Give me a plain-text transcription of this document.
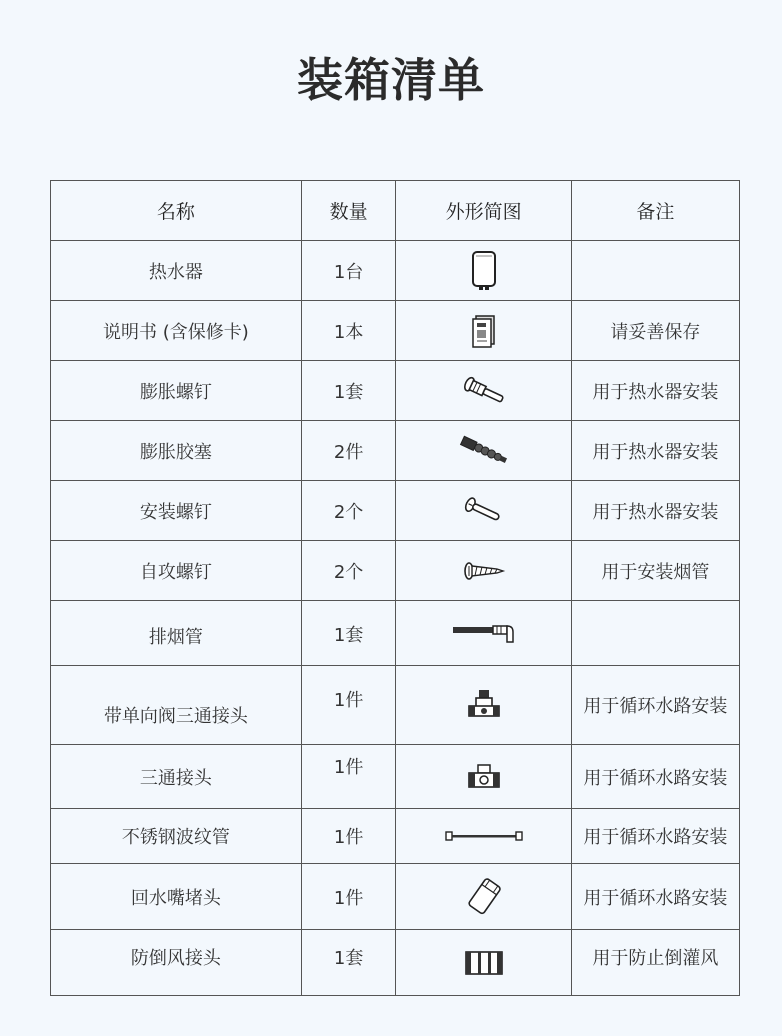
装箱清单
名称	数量	外形简图	备注
热水器	1台	

说明书 (含保修卡)	1本		请妥善保存
膨胀螺钉	1套		用于热水器安装
膨胀胶塞	2件		用于热水器安装
安装螺钉	2个		用于热水器安装
自攻螺钉	2个		用于安装烟管
排烟管	1套	

带单向阀三通接头	1件		用于循环水路安装
三通接头	1件		用于循环水路安装
不锈钢波纹管	1件		用于循环水路安装
回水嘴堵头	1件		用于循环水路安装
防倒风接头	1套		用于防止倒灌风
